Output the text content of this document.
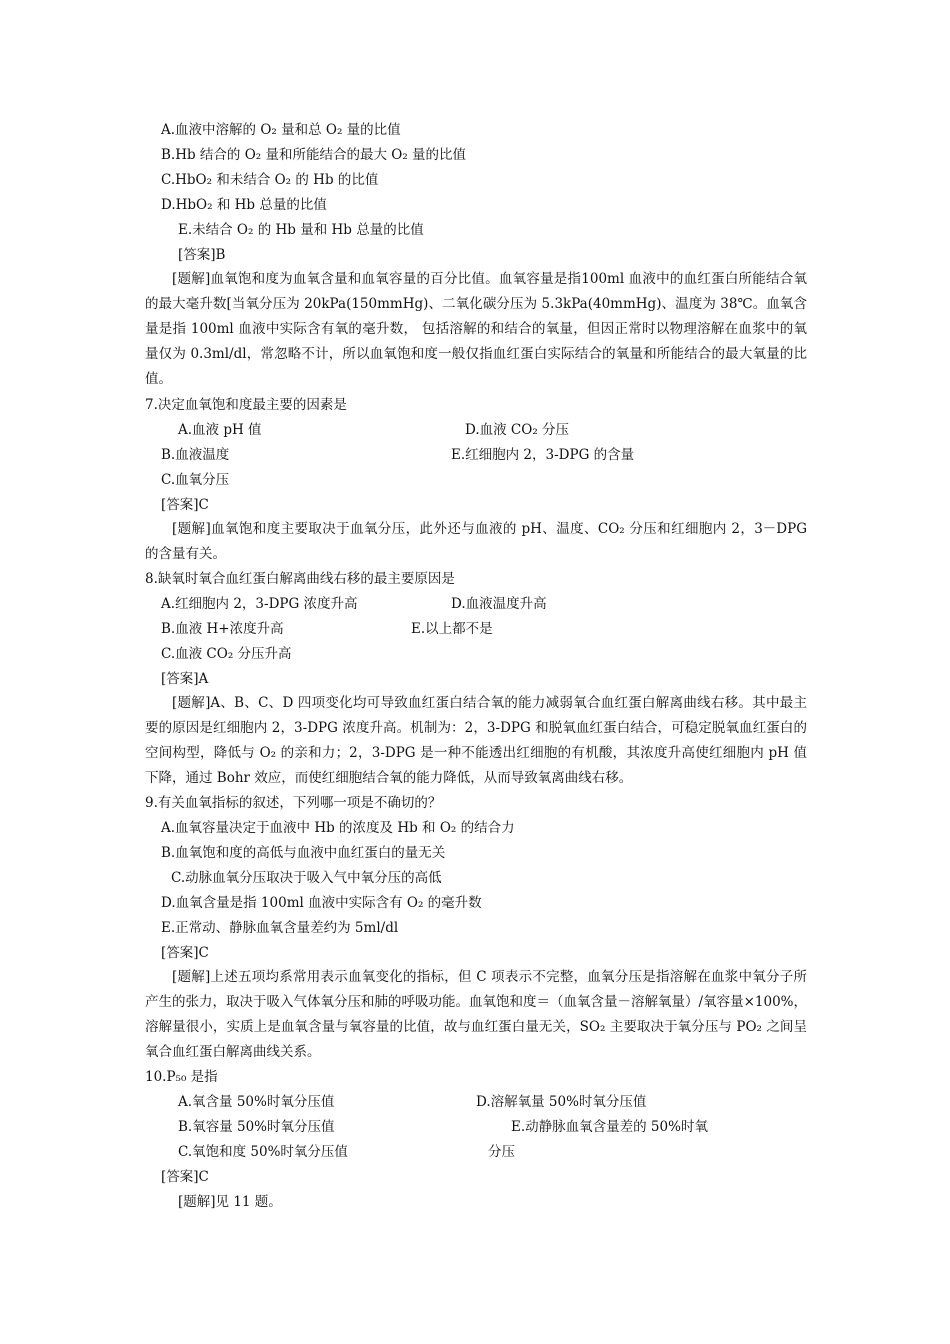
A.血液中溶解的 O₂ 量和总 O₂ 量的比值
B.Hb 结合的 O₂ 量和所能结合的最大 O₂ 量的比值
C.HbO₂ 和未结合 O₂ 的 Hb 的比值
D.HbO₂ 和 Hb 总量的比值
E.未结合 O₂ 的 Hb 量和 Hb 总量的比值
[答案]B
[题解]血氧饱和度为血氧含量和血氧容量的百分比值。血氧容量是指100ml 血液中的血红蛋白所能结合氧的最大毫升数[当氧分压为 20kPa(150mmHg)、二氧化碳分压为 5.3kPa(40mmHg)、温度为 38℃。血氧含量是指 100ml 血液中实际含有氧的毫升数， 包括溶解的和结合的氧量，但因正常时以物理溶解在血浆中的氧量仅为 0.3ml/dl，常忽略不计，所以血氧饱和度一般仅指血红蛋白实际结合的氧量和所能结合的最大氧量的比值。
7.决定血氧饱和度最主要的因素是
A.血液 pH 值	D.血液 CO₂ 分压
B.血液温度	E.红细胞内 2，3-DPG 的含量
C.血氧分压
[答案]C
[题解]血氧饱和度主要取决于血氧分压，此外还与血液的 pH、温度、CO₂ 分压和红细胞内 2，3－DPG 的含量有关。
8.缺氧时氧合血红蛋白解离曲线右移的最主要原因是
A.红细胞内 2，3-DPG 浓度升高	D.血液温度升高
B.血液 H+浓度升高	E.以上都不是
C.血液 CO₂ 分压升高
[答案]A
[题解]A、B、C、D 四项变化均可导致血红蛋白结合氧的能力减弱氧合血红蛋白解离曲线右移。其中最主要的原因是红细胞内 2，3-DPG 浓度升高。机制为：2，3-DPG 和脱氧血红蛋白结合，可稳定脱氧血红蛋白的空间构型，降低与 O₂ 的亲和力；2，3-DPG 是一种不能透出红细胞的有机酸，其浓度升高使红细胞内 pH 值下降，通过 Bohr 效应，而使红细胞结合氧的能力降低，从而导致氧离曲线右移。
9.有关血氧指标的叙述，下列哪一项是不确切的？
A.血氧容量决定于血液中 Hb 的浓度及 Hb 和 O₂ 的结合力
B.血氧饱和度的高低与血液中血红蛋白的量无关
C.动脉血氧分压取决于吸入气中氧分压的高低
D.血氧含量是指 100ml 血液中实际含有 O₂ 的毫升数
E.正常动、静脉血氧含量差约为 5ml/dl
[答案]C
[题解]上述五项均系常用表示血氧变化的指标，但 C 项表示不完整，血氧分压是指溶解在血浆中氧分子所产生的张力，取决于吸入气体氧分压和肺的呼吸功能。血氧饱和度＝（血氧含量－溶解氧量）/氧容量×100%，溶解量很小，实质上是血氧含量与氧容量的比值，故与血红蛋白量无关，SO₂ 主要取决于氧分压与 PO₂ 之间呈氧合血红蛋白解离曲线关系。
10.P₅₀ 是指
A.氧含量 50%时氧分压值	D.溶解氧量 50%时氧分压值
B.氧容量 50%时氧分压值	E.动静脉血氧含量差的 50%时氧
C.氧饱和度 50%时氧分压值	分压
[答案]C
[题解]见 11 题。
